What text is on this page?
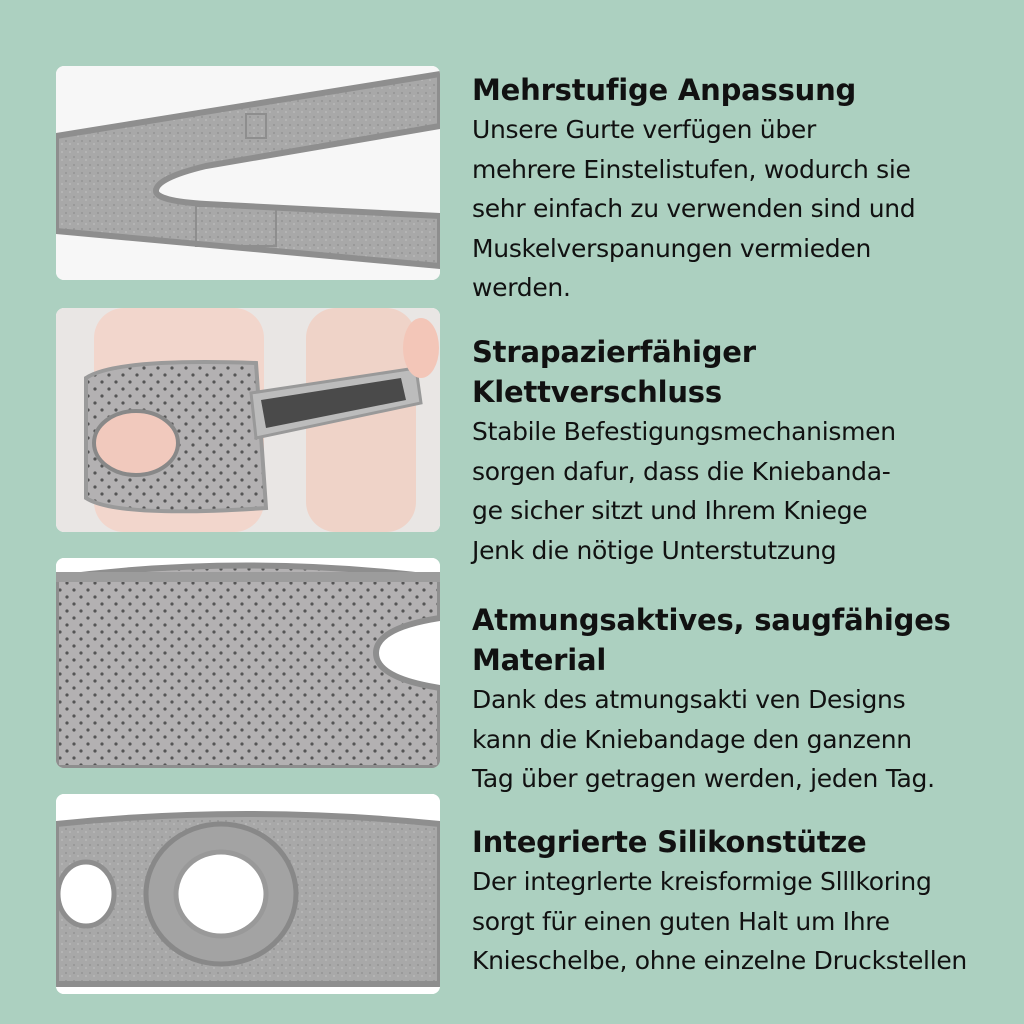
Mehrstufige Anpassung

Unsere Gurte verfügen über
mehrere Einstelistufen, wodurch sie
sehr einfach zu verwenden sind und
Muskelverspanungen vermieden
werden.

Strapazierfähiger
Klettverschluss

Stabile Befestigungsmechanismen
sorgen dafur, dass die Kniebanda-
ge sicher sitzt und Ihrem Kniege
Jenk die nötige Unterstutzung

Atmungsaktives, saugfähiges
Material

Dank des atmungsakti ven Designs
kann die Kniebandage den ganzenn
Tag über getragen werden, jeden Tag.

Integrierte Silikonstütze

Der integrlerte kreisformige Slllkoring
sorgt für einen guten Halt um Ihre
Knieschelbe, ohne einzelne Druckstellen
